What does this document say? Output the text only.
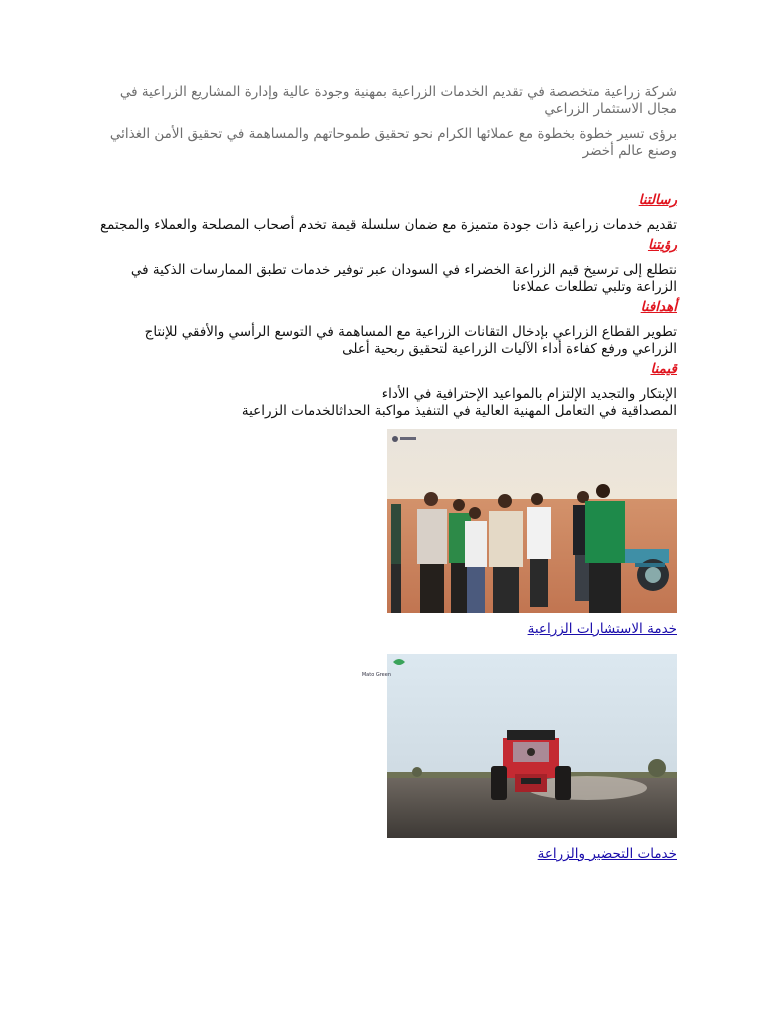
شركة زراعية متخصصة في تقديم الخدمات الزراعية بمهنية وجودة عالية وإدارة المشاريع الزراعية في مجال الاستثمار الزراعي

برؤى تسير خطوة بخطوة مع عملائها الكرام نحو تحقيق طموحاتهم والمساهمة في تحقيق الأمن الغذائي وصنع عالم أخضر

رسالتنا

تقديم خدمات زراعية ذات جودة متميزة مع ضمان سلسلة قيمة تخدم أصحاب المصلحة والعملاء والمجتمع

رؤيتنا

نتطلع إلى ترسيخ قيم الزراعة الخضراء في السودان عبر توفير خدمات تطبق الممارسات الذكية في الزراعة وتلبي تطلعات عملاءنا

أهدافنا

تطوير القطاع الزراعي بإدخال التقانات الزراعية مع المساهمة في التوسع الرأسي والأفقي للإنتاج الزراعي ورفع كفاءة أداء الآليات الزراعية لتحقيق ربحية أعلى

قيمنا

الإبتكار والتجديد الإلتزام بالمواعيد الإحترافية في الأداء
المصداقية في التعامل المهنية العالية في التنفيذ مواكبة الحداثالخدمات الزراعية
خدمة الاستشارات الزراعية
Mato Green
خدمات التحضير والزراعة
